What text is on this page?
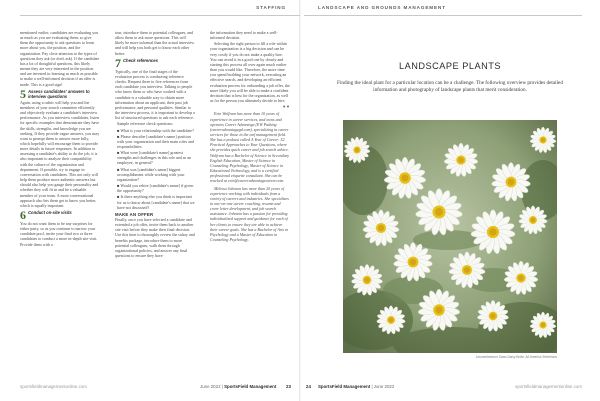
STAFFING	LANDSCAPE AND GROUNDS MANAGEMENT

mentioned earlier, candidates are evaluating you as much as you are evaluating them, so give them the opportunity to ask questions to learn more about you, the position, and the organization. Pay close attention to the types of questions they ask (or don't ask). If the candidate has a lot of thoughtful questions, this likely means they are very interested in the position and are invested in learning as much as possible to make a well-informed decision if an offer is made. This is a good sign!

5 Assess candidates' answers to interview questions

Again, using a rubric will help you and the members of your search committee efficiently and objectively evaluate a candidate's interview performance. As you interview candidates, listen for specific examples that demonstrate they have the skills, strengths, and knowledge you are seeking. If they provide vague answers, you may want to prompt them to answer more fully, which hopefully will encourage them to provide more details in future responses. In addition to assessing a candidate's ability to do the job, it is also important to analyze their compatibility with the culture of the organization and department. If possible, try to engage in conversation with candidates. This not only will help them produce more authentic answers but should also help you gauge their personality and whether they will fit in and be a valuable member of your team. A more conversational approach also lets them get to know you better, which is equally important.

6 Conduct on-site visits

You do not want them to be any surprises for either party, so as you continue to narrow your candidate pool, invite your final two or three candidates to conduct a more in-depth site visit. Provide them with a

tour, introduce them to potential colleagues, and allow them to ask more questions. This will likely be more informal than the actual interview and will help you both get to know each other better.

7 Check references

Typically, one of the final stages of the evaluation process is conducting reference checks. Request three to five references from each candidate you interview. Talking to people who know them or who have worked with a candidate is a valuable way to obtain more information about an applicant, their past job performance, and personal qualities. Similar to the interview process, it is important to develop a list of structured questions to ask each reference.

Sample reference check questions:

■ What is your relationship with the candidate?

■ Please describe [candidate's name] position with your organization and their main roles and responsibilities.

■ What were [candidate's name] greatest strengths and challenges in this role and as an employee, in general?

■ What was [candidate's name] biggest accomplishment while working with your organization?

■ Would you rehire [candidate's name] if given the opportunity?

■ Is there anything else you think is important for us to know about [candidate's name] that we have not discussed?

MAKE AN OFFER

Finally, once you have selected a candidate and extended a job offer, invite them back to another site visit before they make their final decision. Use this time to thoroughly review the salary and benefits package, introduce them to more potential colleagues, walk them through organizational policies, and answer any final questions to ensure they have

the information they need to make a well-informed decision.

Selecting the right person to fill a role within your organization is a big decision and can be very costly if you do not make a quality hire. You can avoid it in a good one by clearly and starting this process all over again much earlier than you would like. Therefore, the more time you spend building your network, executing an effective search, and developing an efficient evaluation process for onboarding a job offer, the more likely you will be able to make a confident decision that is best for the organization, as well as for the person you ultimately decide to hire.

▼▼

Erin Wolfram has more than 10 years of experience in career services, and owns and operates Career Advantage (EW Pathing (careeradvantagegd.com), specializing in career services for those in the turf management field. She has a podcast called A Year of Career: 52 Practical Approaches to Your Questions, where she provides quick career and job search advice. Wolfram has a Bachelor of Science in Secondary English Education, Master of Science in Counseling Psychology, Master of Science in Educational Technology, and is a certified professional etiquette consultant. She can be reached at erin@careeradvantagecareer.com.

Melissa Johnson has more than 20 years of experience working with individuals from a variety of careers and industries. She specializes in one-on-one career coaching, resume and cover letter development, and job search assistance. Johnson has a passion for providing individualized support and guidance for each of her clients to ensure they are able to achieve their career goals. She has a Bachelor of Arts in Psychology and a Master of Education in Counseling Psychology.

LANDSCAPE PLANTS
Finding the ideal plant for a particular location can be a challenge. The following overview provides detailed information and photography of landscape plants that merit consideration.
Leucanthemum Swan Daisy Bride. All America Selections
sportsfieldmanagementonline.com	June 2022 | SportsField Management 23	24 SportsField Management | June 2022	sportsfieldmanagementonline.com
